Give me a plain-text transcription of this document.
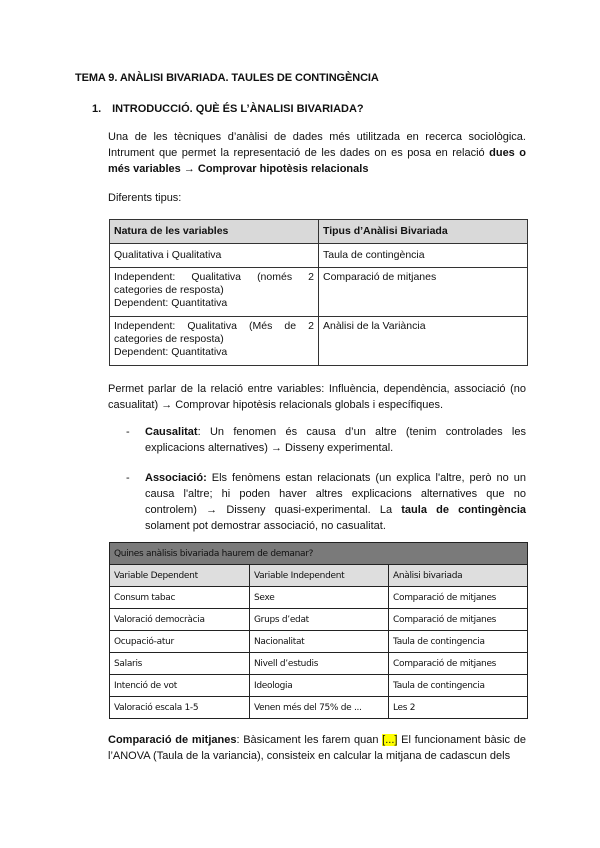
TEMA 9. ANÀLISI BIVARIADA. TAULES DE CONTINGÈNCIA
1. INTRODUCCIÓ. QUÈ ÉS L’ÀNALISI BIVARIADA?
Una de les tècniques d’anàlisi de dades més utilitzada en recerca sociològica. Intrument que permet la representació de les dades on es posa en relació dues o més variables → Comprovar hipotèsis relacionals
Diferents tipus:
Natura de les variables	Tipus d’Anàlisi Bivariada

Qualitativa i Qualitativa	Taula de contingència

Independent: Qualitativa (només 2 categories de resposta)
Dependent: Quantitativa	Comparació de mitjanes

Independent: Qualitativa (Més de 2 categories de resposta)
Dependent: Quantitativa	Anàlisi de la Variància
Permet parlar de la relació entre variables: Influència, dependència, associació (no casualitat) → Comprovar hipotèsis relacionals globals i específiques.
- Causalitat: Un fenomen és causa d’un altre (tenim controlades les explicacions alternatives) → Disseny experimental.
- Associació: Els fenòmens estan relacionats (un explica l'altre, però no un causa l'altre; hi poden haver altres explicacions alternatives que no controlem) → Disseny quasi-experimental. La taula de contingència solament pot demostrar associació, no casualitat.
Quines anàlisis bivariada haurem de demanar?		
Variable Dependent	Variable Independent	Anàlisi bivariada
Consum tabac	Sexe	Comparació de mitjanes
Valoració democràcia	Grups d’edat	Comparació de mitjanes
Ocupació-atur	Nacionalitat	Taula de contingencia
Salaris	Nivell d’estudis	Comparació de mitjanes
Intenció de vot	Ideologia	Taula de contingencia
Valoració escala 1-5	Venen més del 75% de ...	Les 2
Comparació de mitjanes: Bàsicament les farem quan [...] El funcionament bàsic de l’ANOVA (Taula de la variancia), consisteix en calcular la mitjana de cadascun dels
